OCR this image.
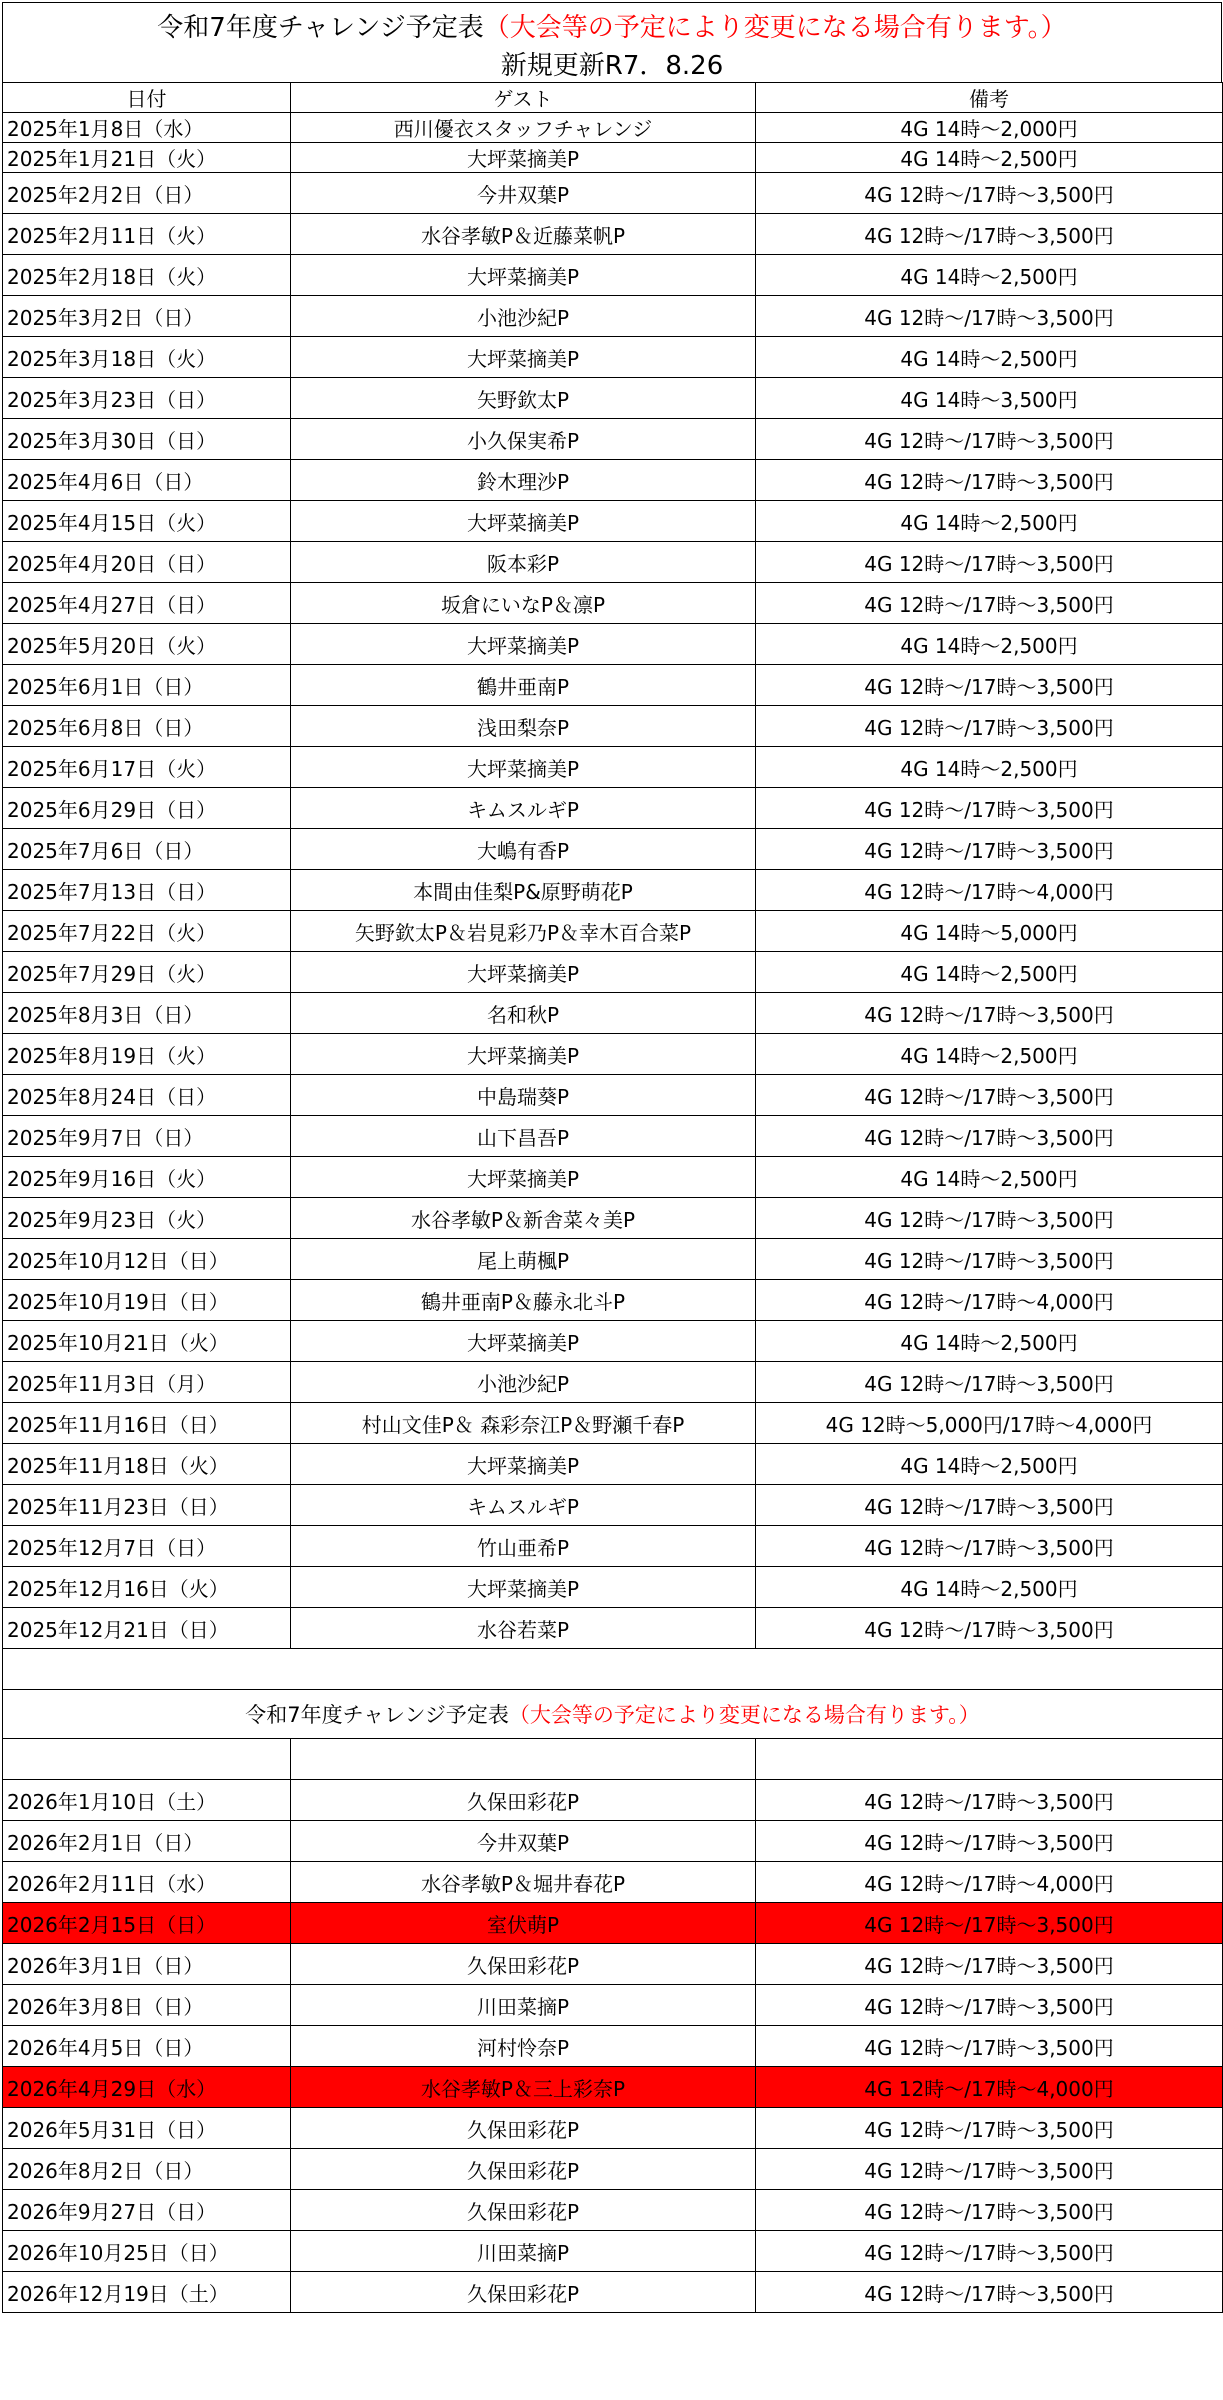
令和7年度チャレンジ予定表（大会等の予定により変更になる場合有ります。）
新規更新R7．8.26
日付	ゲスト	備考
2025年1月8日（水）	西川優衣スタッフチャレンジ	4G 14時～2,000円
2025年1月21日（火）	大坪菜摘美P	4G 14時～2,500円
2025年2月2日（日）	今井双葉P	4G 12時～/17時～3,500円
2025年2月11日（火）	水谷孝敏P＆近藤菜帆P	4G 12時～/17時～3,500円
2025年2月18日（火）	大坪菜摘美P	4G 14時～2,500円
2025年3月2日（日）	小池沙紀P	4G 12時～/17時～3,500円
2025年3月18日（火）	大坪菜摘美P	4G 14時～2,500円
2025年3月23日（日）	矢野欽太P	4G 14時～3,500円
2025年3月30日（日）	小久保実希P	4G 12時～/17時～3,500円
2025年4月6日（日）	鈴木理沙P	4G 12時～/17時～3,500円
2025年4月15日（火）	大坪菜摘美P	4G 14時～2,500円
2025年4月20日（日）	阪本彩P	4G 12時～/17時～3,500円
2025年4月27日（日）	坂倉にいなP＆凛P	4G 12時～/17時～3,500円
2025年5月20日（火）	大坪菜摘美P	4G 14時～2,500円
2025年6月1日（日）	鶴井亜南P	4G 12時～/17時～3,500円
2025年6月8日（日）	浅田梨奈P	4G 12時～/17時～3,500円
2025年6月17日（火）	大坪菜摘美P	4G 14時～2,500円
2025年6月29日（日）	キムスルギP	4G 12時～/17時～3,500円
2025年7月6日（日）	大嶋有香P	4G 12時～/17時～3,500円
2025年7月13日（日）	本間由佳梨P&原野萌花P	4G 12時～/17時～4,000円
2025年7月22日（火）	矢野欽太P＆岩見彩乃P＆幸木百合菜P	4G 14時～5,000円
2025年7月29日（火）	大坪菜摘美P	4G 14時～2,500円
2025年8月3日（日）	名和秋P	4G 12時～/17時～3,500円
2025年8月19日（火）	大坪菜摘美P	4G 14時～2,500円
2025年8月24日（日）	中島瑞葵P	4G 12時～/17時～3,500円
2025年9月7日（日）	山下昌吾P	4G 12時～/17時～3,500円
2025年9月16日（火）	大坪菜摘美P	4G 14時～2,500円
2025年9月23日（火）	水谷孝敏P＆新舎菜々美P	4G 12時～/17時～3,500円
2025年10月12日（日）	尾上萌楓P	4G 12時～/17時～3,500円
2025年10月19日（日）	鶴井亜南P＆藤永北斗P	4G 12時～/17時～4,000円
2025年10月21日（火）	大坪菜摘美P	4G 14時～2,500円
2025年11月3日（月）	小池沙紀P	4G 12時～/17時～3,500円
2025年11月16日（日）	村山文佳P＆ 森彩奈江P＆野瀬千春P	4G 12時～5,000円/17時～4,000円
2025年11月18日（火）	大坪菜摘美P	4G 14時～2,500円
2025年11月23日（日）	キムスルギP	4G 12時～/17時～3,500円
2025年12月7日（日）	竹山亜希P	4G 12時～/17時～3,500円
2025年12月16日（火）	大坪菜摘美P	4G 14時～2,500円
2025年12月21日（日）	水谷若菜P	4G 12時～/17時～3,500円

令和7年度チャレンジ予定表（大会等の予定により変更になる場合有ります。）		

2026年1月10日（土）	久保田彩花P	4G 12時～/17時～3,500円
2026年2月1日（日）	今井双葉P	4G 12時～/17時～3,500円
2026年2月11日（水）	水谷孝敏P＆堀井春花P	4G 12時～/17時～4,000円
2026年2月15日（日）	室伏萌P	4G 12時～/17時～3,500円
2026年3月1日（日）	久保田彩花P	4G 12時～/17時～3,500円
2026年3月8日（日）	川田菜摘P	4G 12時～/17時～3,500円
2026年4月5日（日）	河村怜奈P	4G 12時～/17時～3,500円
2026年4月29日（水）	水谷孝敏P＆三上彩奈P	4G 12時～/17時～4,000円
2026年5月31日（日）	久保田彩花P	4G 12時～/17時～3,500円
2026年8月2日（日）	久保田彩花P	4G 12時～/17時～3,500円
2026年9月27日（日）	久保田彩花P	4G 12時～/17時～3,500円
2026年10月25日（日）	川田菜摘P	4G 12時～/17時～3,500円
2026年12月19日（土）	久保田彩花P	4G 12時～/17時～3,500円
